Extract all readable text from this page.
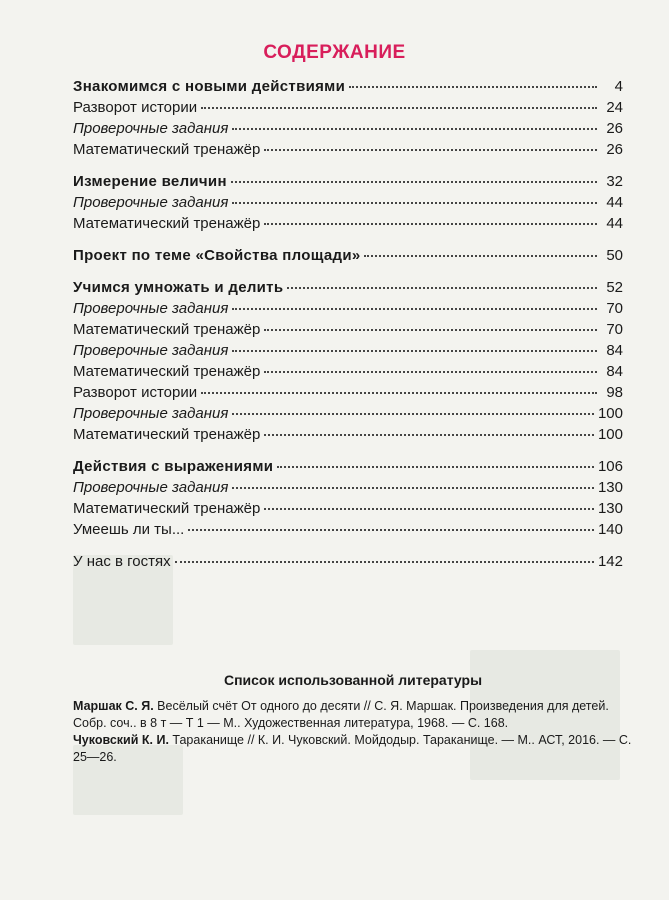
СОДЕРЖАНИЕ
Знакомимся с новыми действиями	4
Разворот истории	24
Проверочные задания	26
Математический тренажёр	26
Измерение величин	32
Проверочные задания	44
Математический тренажёр	44
Проект по теме «Свойства площади»	50
Учимся умножать и делить	52
Проверочные задания	70
Математический тренажёр	70
Проверочные задания	84
Математический тренажёр	84
Разворот истории	98
Проверочные задания	100
Математический тренажёр	100
Действия с выражениями	106
Проверочные задания	130
Математический тренажёр	130
Умеешь ли ты...	140
У нас в гостях	142
Список использованной литературы
Маршак С. Я. Весёлый счёт От одного до десяти // С. Я. Маршак. Произведения для детей. Собр. соч.. в 8 т — Т 1 — М.. Художественная литература, 1968. — С. 168.
Чуковский К. И. Тараканище // К. И. Чуковский. Мойдодыр. Тараканище. — М.. АСТ, 2016. — С. 25—26.
